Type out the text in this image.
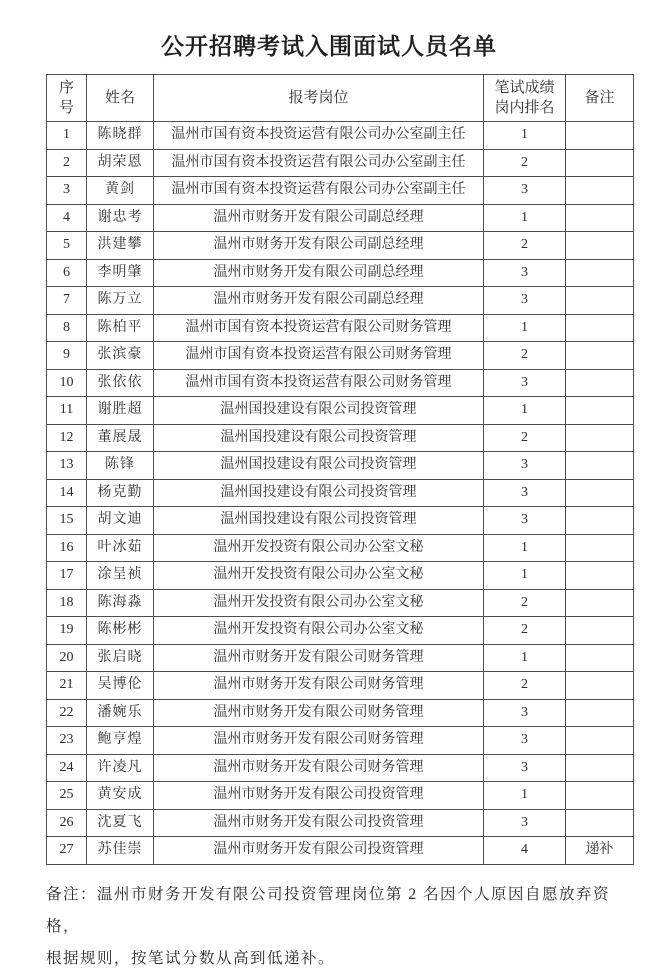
公开招聘考试入围面试人员名单
序号	姓名	报考岗位	笔试成绩岗内排名	备注
1	陈晓群	温州市国有资本投资运营有限公司办公室副主任	1	
2	胡荣恩	温州市国有资本投资运营有限公司办公室副主任	2	
3	黄剑	温州市国有资本投资运营有限公司办公室副主任	3	
4	谢忠考	温州市财务开发有限公司副总经理	1	
5	洪建攀	温州市财务开发有限公司副总经理	2	
6	李明肇	温州市财务开发有限公司副总经理	3	
7	陈万立	温州市财务开发有限公司副总经理	3	
8	陈柏平	温州市国有资本投资运营有限公司财务管理	1	
9	张滨豪	温州市国有资本投资运营有限公司财务管理	2	
10	张依依	温州市国有资本投资运营有限公司财务管理	3	
11	谢胜超	温州国投建设有限公司投资管理	1	
12	董展晟	温州国投建设有限公司投资管理	2	
13	陈锋	温州国投建设有限公司投资管理	3	
14	杨克勤	温州国投建设有限公司投资管理	3	
15	胡文迪	温州国投建设有限公司投资管理	3	
16	叶冰茹	温州开发投资有限公司办公室文秘	1	
17	涂呈祯	温州开发投资有限公司办公室文秘	1	
18	陈海淼	温州开发投资有限公司办公室文秘	2	
19	陈彬彬	温州开发投资有限公司办公室文秘	2	
20	张启晓	温州市财务开发有限公司财务管理	1	
21	吴博伦	温州市财务开发有限公司财务管理	2	
22	潘婉乐	温州市财务开发有限公司财务管理	3	
23	鲍亨煌	温州市财务开发有限公司财务管理	3	
24	许凌凡	温州市财务开发有限公司财务管理	3	
25	黄安成	温州市财务开发有限公司投资管理	1	
26	沈夏飞	温州市财务开发有限公司投资管理	3	
27	苏佳崇	温州市财务开发有限公司投资管理	4	递补

备注：温州市财务开发有限公司投资管理岗位第 2 名因个人原因自愿放弃资格，

根据规则，按笔试分数从高到低递补。
